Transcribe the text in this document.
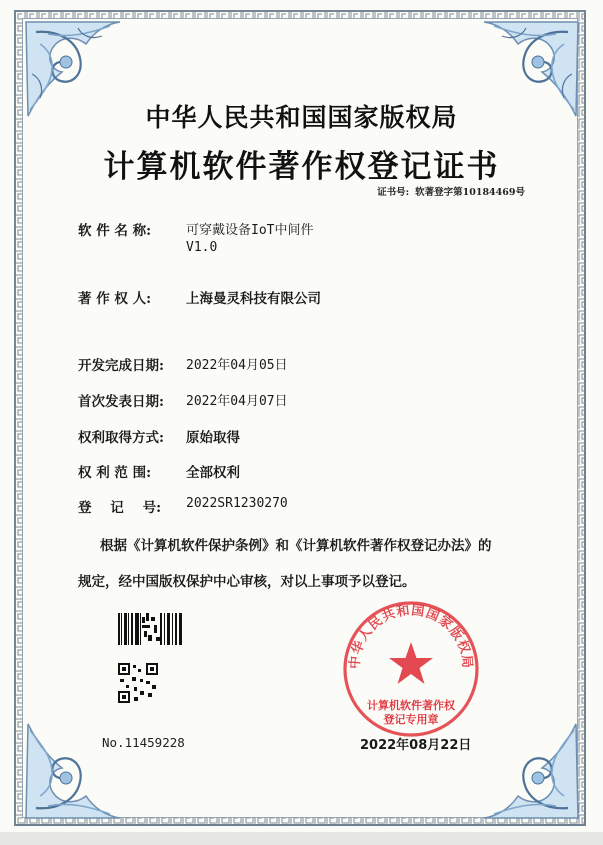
中华人民共和国国家版权局
计算机软件著作权登记证书
证书号: 软著登字第10184469号
软 件 名 称:	可穿戴设备IoT中间件
V1.0
著 作 权 人:	上海曼灵科技有限公司
开发完成日期: 2022年04月05日
首次发表日期: 2022年04月07日
权利取得方式: 原始取得
权 利 范 围:	全部权利
登    记    号: 2022SR1230270
根据《计算机软件保护条例》和《计算机软件著作权登记办法》的
规定，经中国版权保护中心审核，对以上事项予以登记。
No.11459228
中华人民共和国国家版权局
计算机软件著作权
登记专用章
2022年08月22日
